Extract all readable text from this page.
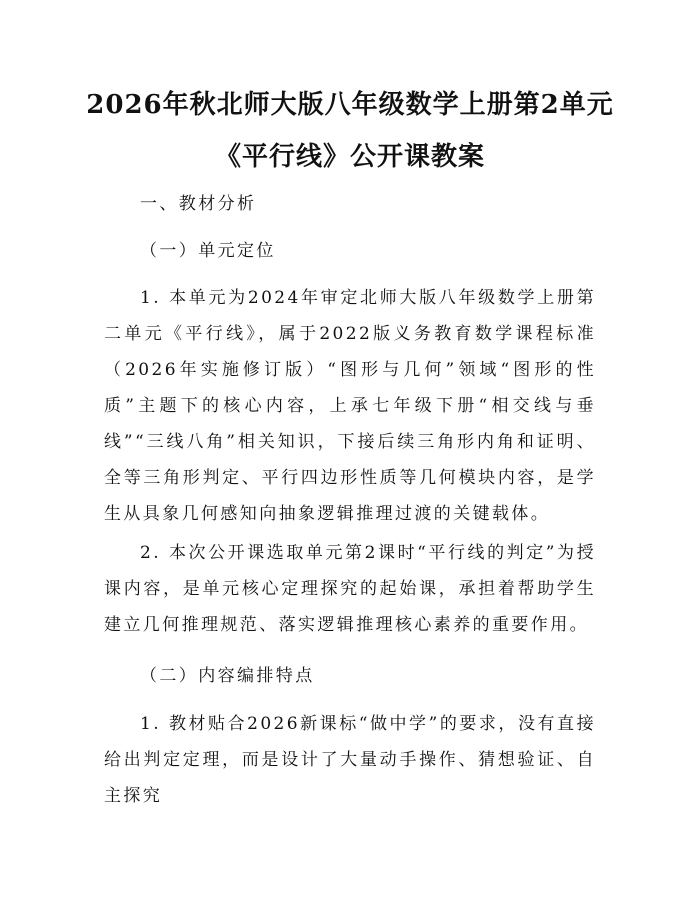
2026年秋北师大版八年级数学上册第2单元
《平行线》公开课教案

一、教材分析

（一）单元定位

1. 本单元为2024年审定北师大版八年级数学上册第二单元《平行线》，属于2022版义务教育数学课程标准（2026年实施修订版）“图形与几何”领域“图形的性质”主题下的核心内容，上承七年级下册“相交线与垂线”“三线八角”相关知识，下接后续三角形内角和证明、全等三角形判定、平行四边形性质等几何模块内容，是学生从具象几何感知向抽象逻辑推理过渡的关键载体。

2. 本次公开课选取单元第2课时“平行线的判定”为授课内容，是单元核心定理探究的起始课，承担着帮助学生建立几何推理规范、落实逻辑推理核心素养的重要作用。

（二）内容编排特点

1. 教材贴合2026新课标“做中学”的要求，没有直接给出判定定理，而是设计了大量动手操作、猜想验证、自主探究
